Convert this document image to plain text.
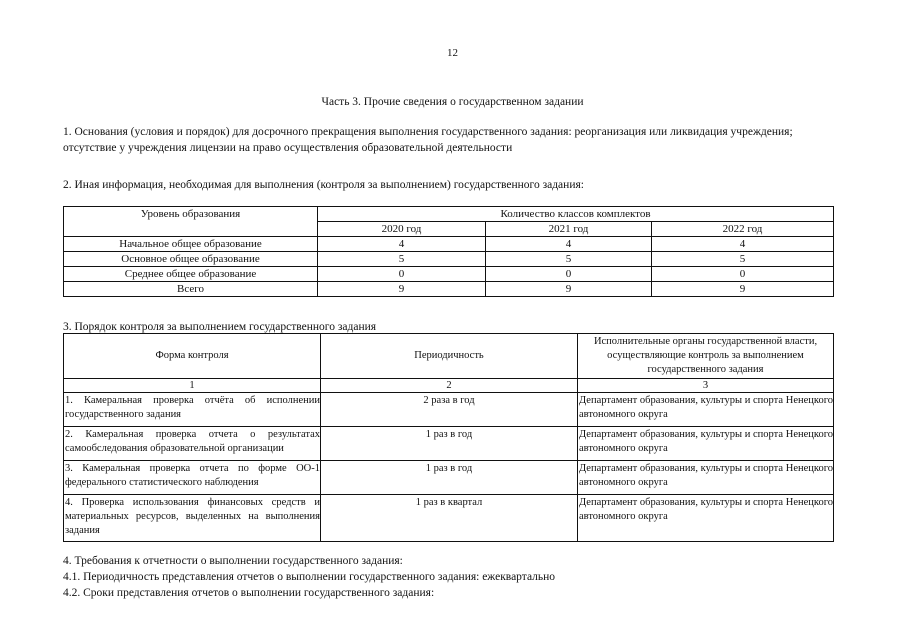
12
Часть 3. Прочие сведения о государственном задании
1. Основания (условия и порядок) для досрочного прекращения выполнения государственного задания: реорганизация или ликвидация учреждения; отсутствие у учреждения лицензии на право осуществления образовательной деятельности
2. Иная информация, необходимая для выполнения (контроля за выполнением) государственного задания:
Уровень образования	Количество классов комплектов		
	2020 год	2021 год	2022 год
Начальное общее образование	4	4	4
Основное общее образование	5	5	5
Среднее общее образование	0	0	0
Всего	9	9	9
3. Порядок контроля за выполнением государственного задания
Форма контроля	Периодичность	Исполнительные органы государственной власти, осуществляющие контроль за выполнением государственного задания
1	2	3
1. Камеральная проверка отчёта об исполнении государственного задания	2 раза в год	Департамент образования, культуры и спорта Ненецкого автономного округа
2. Камеральная проверка отчета о результатах самообследования образовательной организации	1 раз в год	Департамент образования, культуры и спорта Ненецкого автономного округа
3. Камеральная проверка отчета по форме ОО-1 федерального статистического наблюдения	1 раз в год	Департамент образования, культуры и спорта Ненецкого автономного округа
4. Проверка использования финансовых средств и материальных ресурсов, выделенных на выполнения задания	1 раз в квартал	Департамент образования, культуры и спорта Ненецкого автономного округа
4. Требования к отчетности о выполнении государственного задания:
4.1. Периодичность представления отчетов о выполнении государственного задания: ежеквартально
4.2. Сроки представления отчетов о выполнении государственного задания:
